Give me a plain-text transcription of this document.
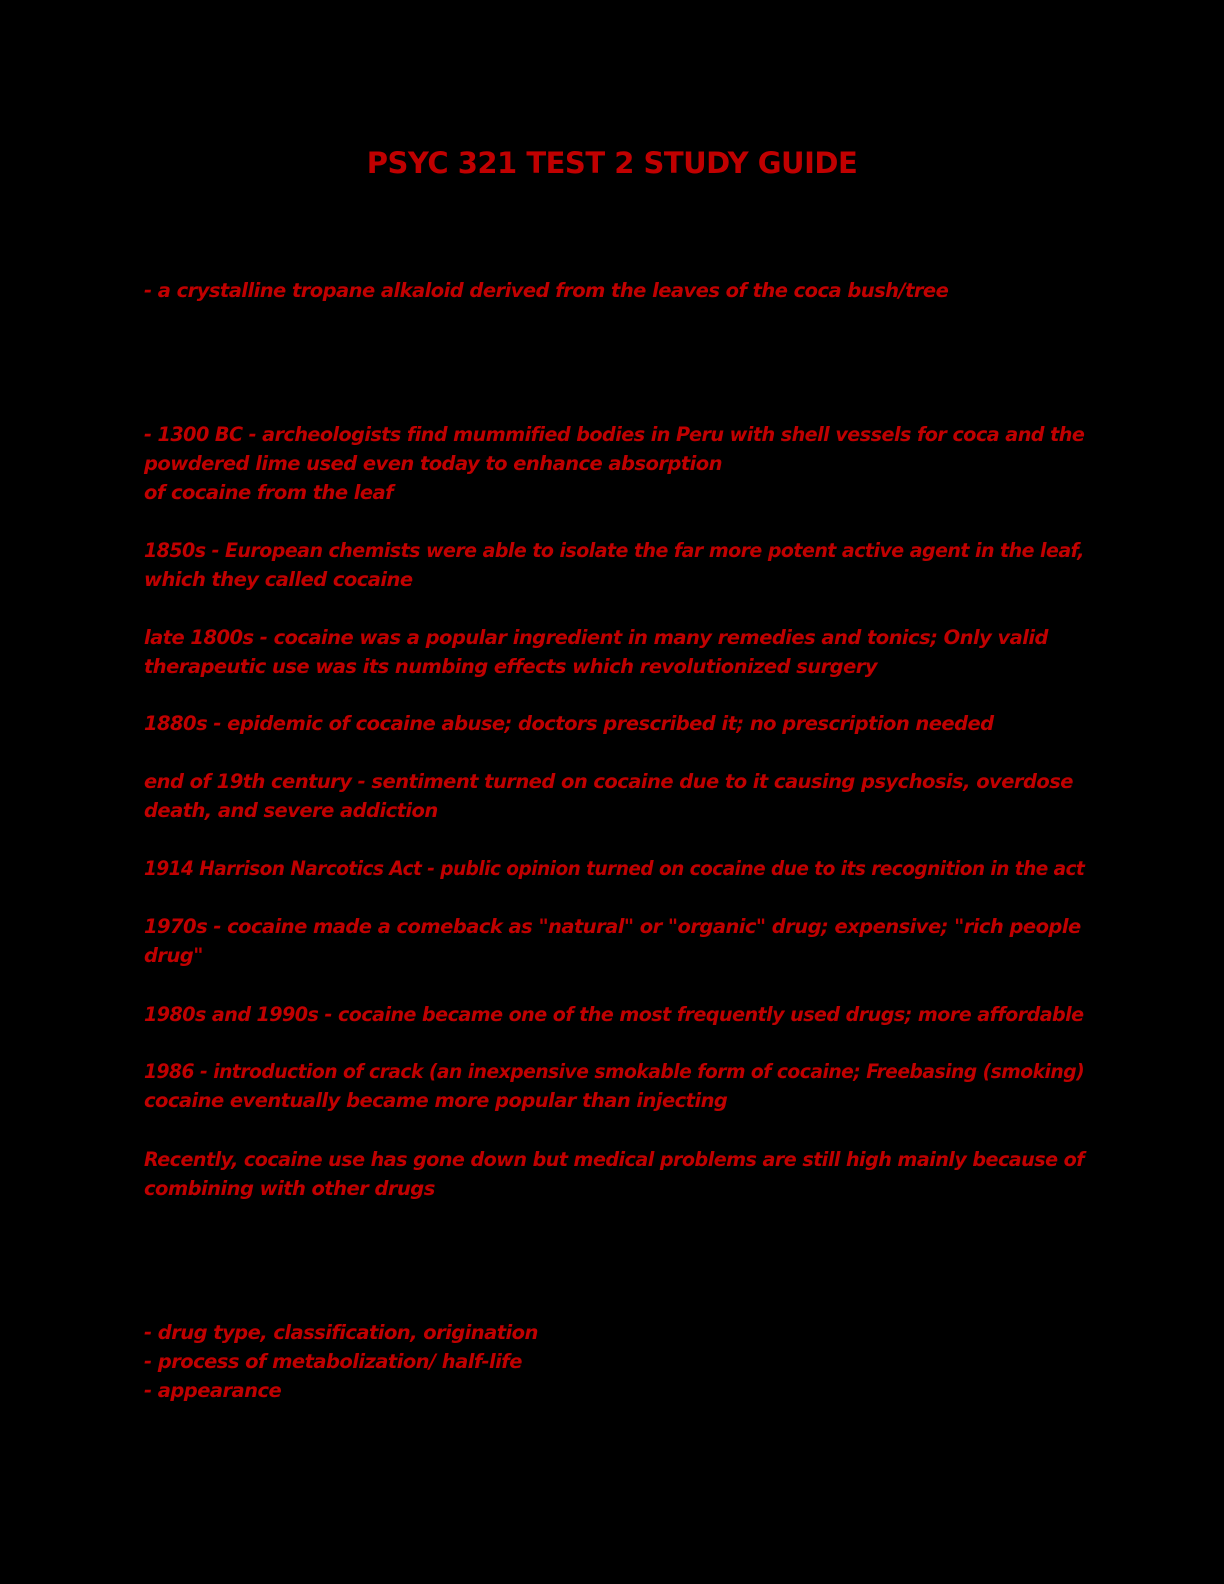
PSYC 321 TEST 2 STUDY GUIDE
- a crystalline tropane alkaloid derived from the leaves of the coca bush/tree
- 1300 BC - archeologists find mummified bodies in Peru with shell vessels for coca and the
powdered lime used even today to enhance absorption
of cocaine from the leaf
1850s - European chemists were able to isolate the far more potent active agent in the leaf,
which they called cocaine
late 1800s - cocaine was a popular ingredient in many remedies and tonics; Only valid
therapeutic use was its numbing effects which revolutionized surgery
1880s - epidemic of cocaine abuse; doctors prescribed it; no prescription needed
end of 19th century - sentiment turned on cocaine due to it causing psychosis, overdose
death, and severe addiction
1914 Harrison Narcotics Act - public opinion turned on cocaine due to its recognition in the act
1970s - cocaine made a comeback as "natural" or "organic" drug; expensive; "rich people
drug"
1980s and 1990s - cocaine became one of the most frequently used drugs; more affordable
1986 - introduction of crack (an inexpensive smokable form of cocaine; Freebasing (smoking)
cocaine eventually became more popular than injecting
Recently, cocaine use has gone down but medical problems are still high mainly because of
combining with other drugs
- drug type, classification, origination
- process of metabolization/ half-life
- appearance
